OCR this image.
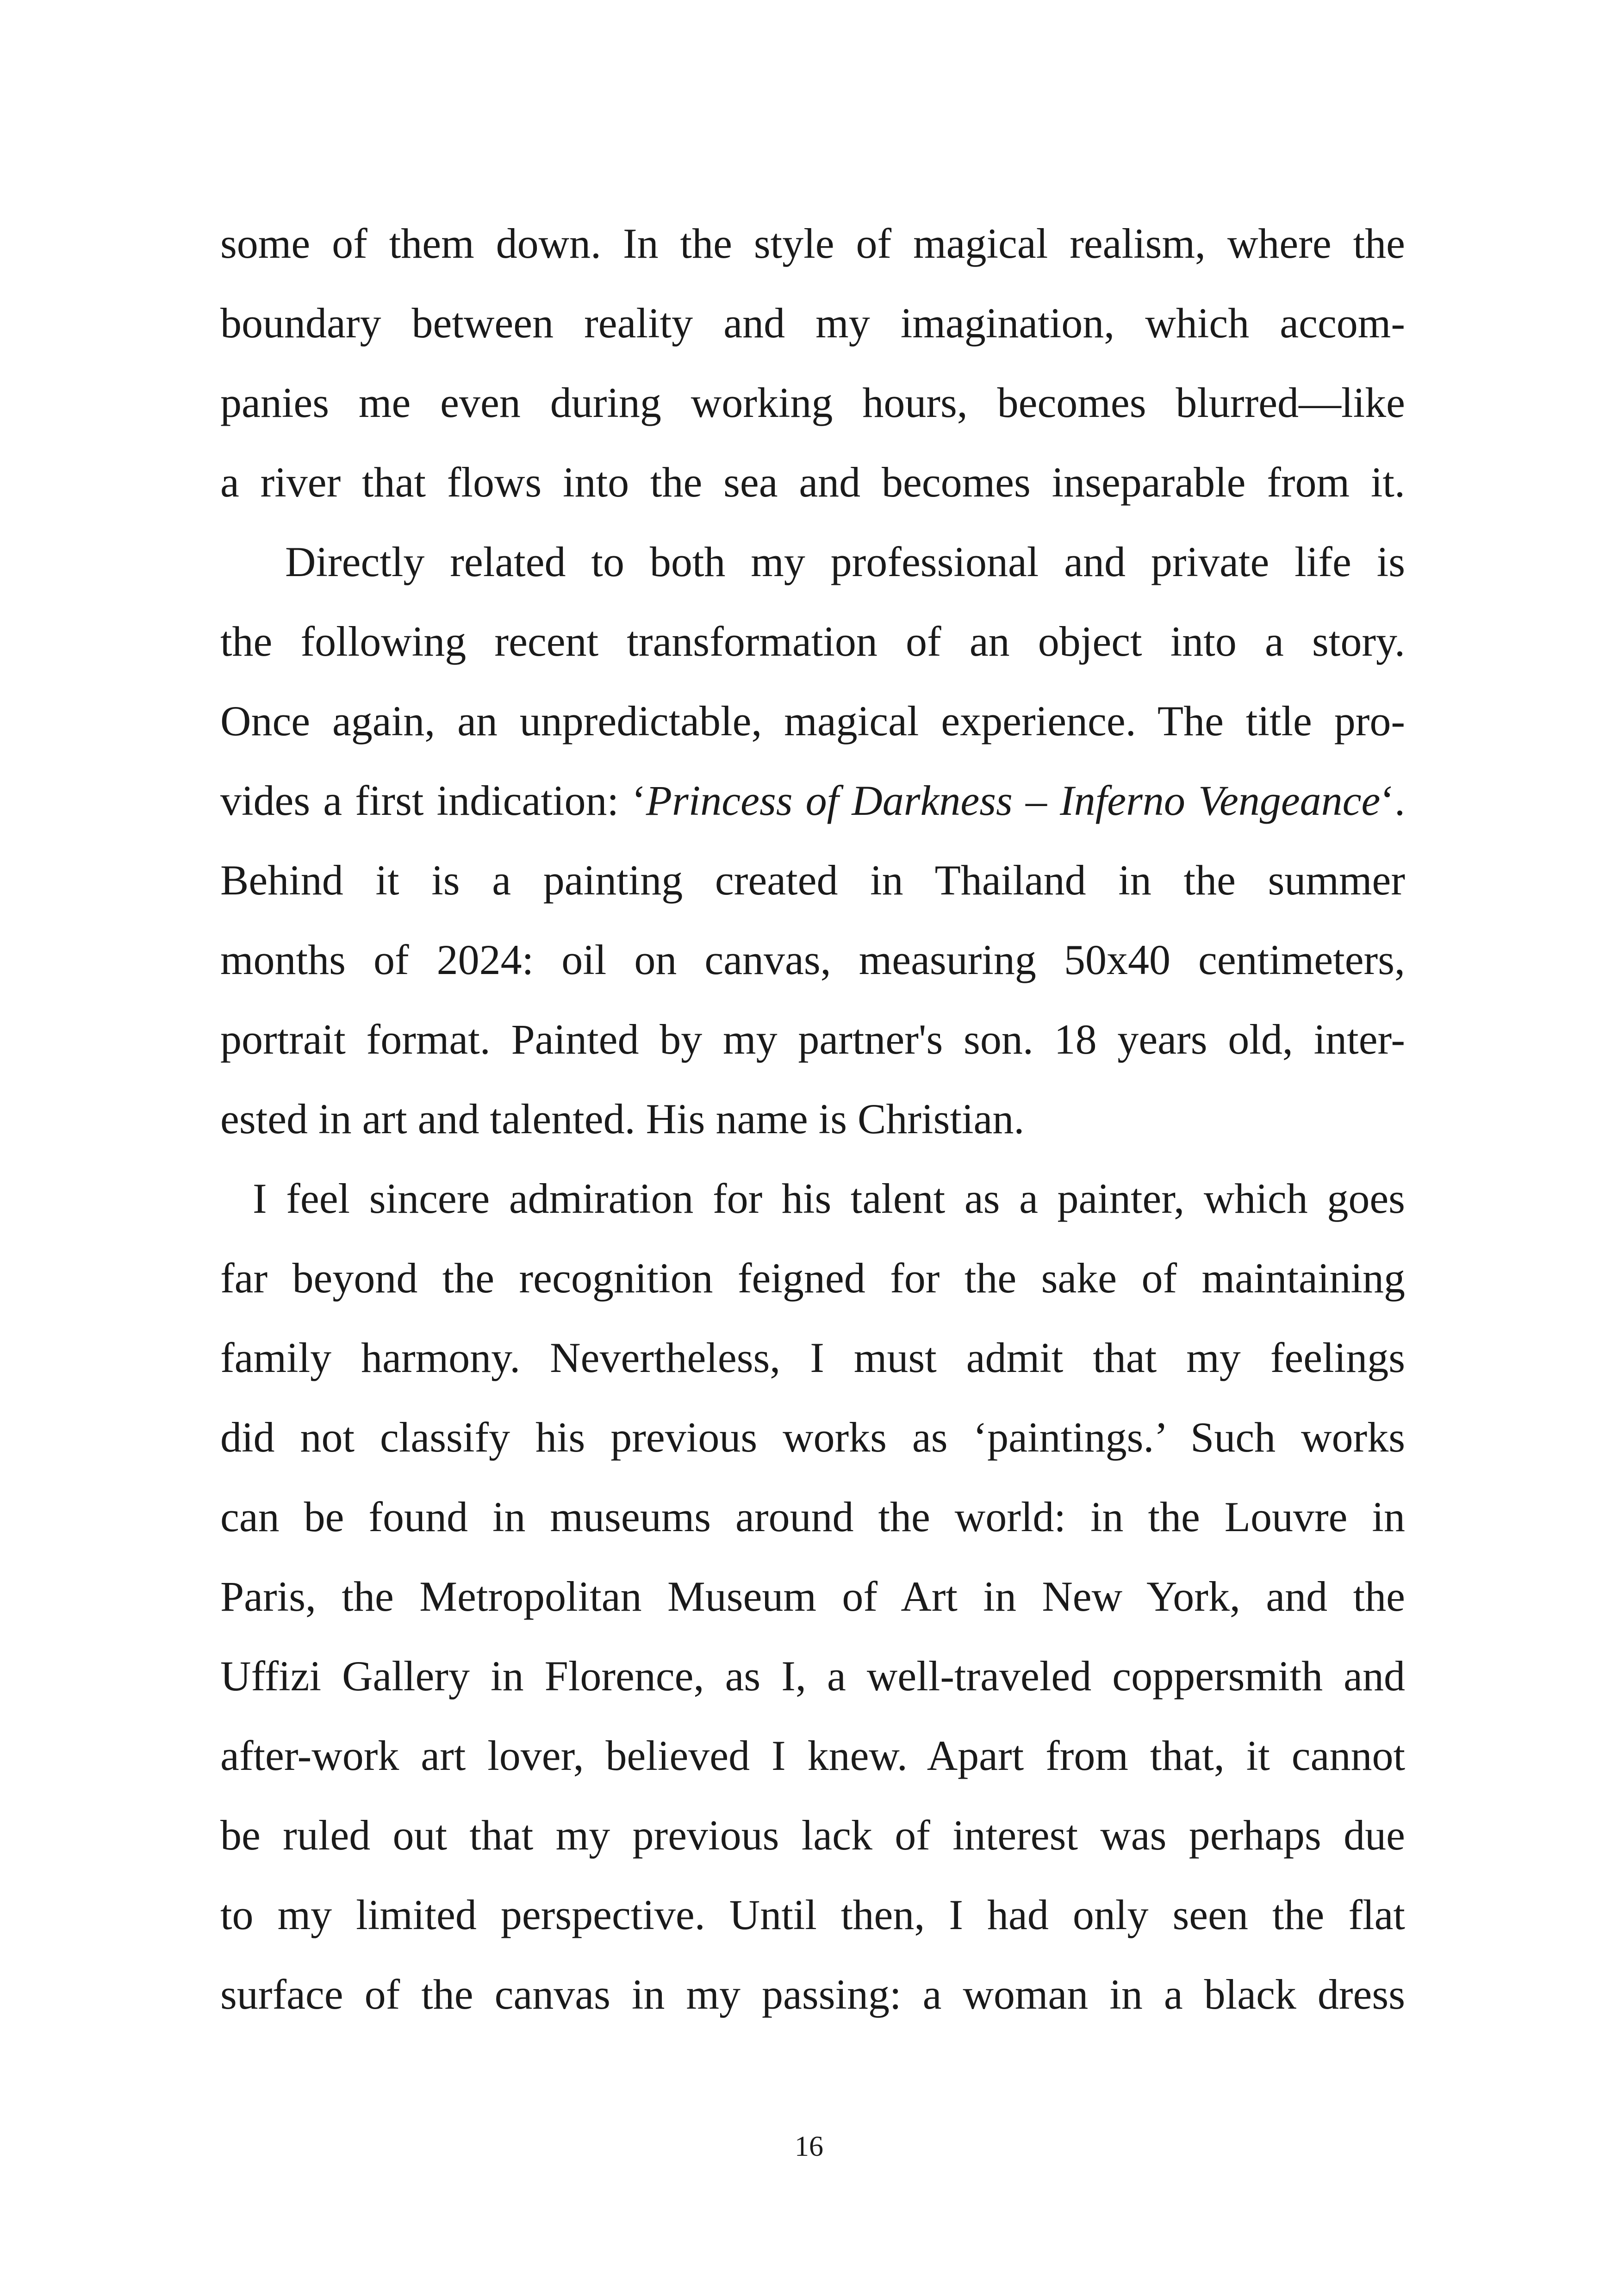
some of them down. In the style of magical realism, where the
boundary between reality and my imagination, which accom-
panies me even during working hours, becomes blurred—like
a river that flows into the sea and becomes inseparable from it.
Directly related to both my professional and private life is
the following recent transformation of an object into a story.
Once again, an unpredictable, magical experience. The title pro-
vides a first indication: ‘Princess of Darkness – Inferno Vengeance‘.
Behind it is a painting created in Thailand in the summer
months of 2024: oil on canvas, measuring 50x40 centimeters,
portrait format. Painted by my partner's son. 18 years old, inter-
ested in art and talented. His name is Christian.
I feel sincere admiration for his talent as a painter, which goes
far beyond the recognition feigned for the sake of maintaining
family harmony. Nevertheless, I must admit that my feelings
did not classify his previous works as ‘paintings.’ Such works
can be found in museums around the world: in the Louvre in
Paris, the Metropolitan Museum of Art in New York, and the
Uffizi Gallery in Florence, as I, a well-traveled coppersmith and
after-work art lover, believed I knew. Apart from that, it cannot
be ruled out that my previous lack of interest was perhaps due
to my limited perspective. Until then, I had only seen the flat
surface of the canvas in my passing: a woman in a black dress
16
